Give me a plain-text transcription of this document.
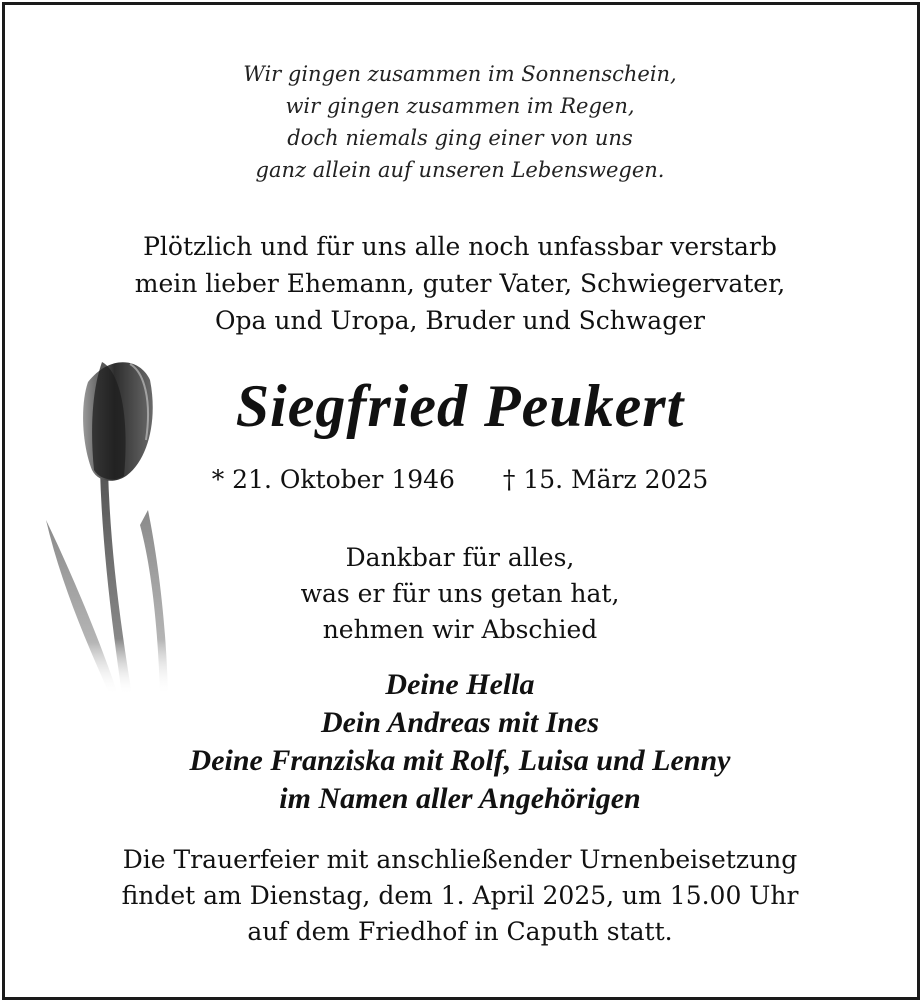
Wir gingen zusammen im Sonnenschein,
wir gingen zusammen im Regen,
doch niemals ging einer von uns
ganz allein auf unseren Lebenswegen.
Plötzlich und für uns alle noch unfassbar verstarb
mein lieber Ehemann, guter Vater, Schwiegervater,
Opa und Uropa, Bruder und Schwager
Siegfried Peukert
* 21. Oktober 1946 † 15. März 2025
Dankbar für alles,
was er für uns getan hat,
nehmen wir Abschied
Deine Hella
Dein Andreas mit Ines
Deine Franziska mit Rolf, Luisa und Lenny
im Namen aller Angehörigen
Die Trauerfeier mit anschließender Urnenbeisetzung
findet am Dienstag, dem 1. April 2025, um 15.00 Uhr
auf dem Friedhof in Caputh statt.
